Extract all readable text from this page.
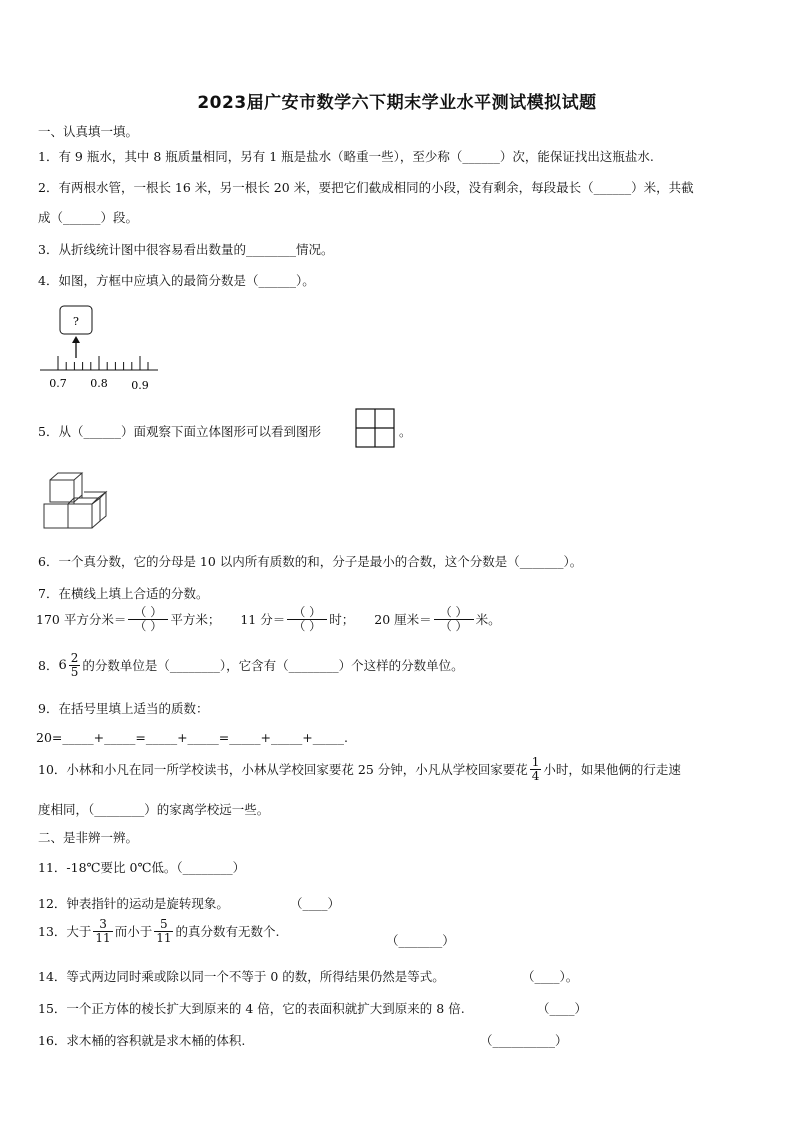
2023届广安市数学六下期末学业水平测试模拟试题
一、认真填一填。
1．有 9 瓶水，其中 8 瓶质量相同，另有 1 瓶是盐水（略重一些），至少称（______）次，能保证找出这瓶盐水.
2．有两根水管，一根长 16 米，另一根长 20 米，要把它们截成相同的小段，没有剩余，每段最长（______）米，共截
成（______）段。
3．从折线统计图中很容易看出数量的________情况。
4．如图，方框中应填入的最简分数是（______）。
?
0.7 0.8 0.9
5．从（______）面观察下面立体图形可以看到图形	。
6．一个真分数，它的分母是 10 以内所有质数的和，分子是最小的合数，这个分数是（_______）。
7．在横线上填上合适的分数。
170 平方分米＝ $\frac{( )}{( )}$ 平方米； 11 分＝ $\frac{( )}{( )}$ 时； 20 厘米＝ $\frac{( )}{( )}$ 米。
8． $6 \frac{2}{5}$ 的分数单位是（________），它含有（________）个这样的分数单位。
9．在括号里填上适当的质数：
20=_____+_____=_____+_____=_____+_____+_____.
10．小林和小凡在同一所学校读书，小林从学校回家要花 25 分钟，小凡从学校回家要花 $\frac{1}{4}$ 小时，如果他俩的行走速
度相同，（________）的家离学校远一些。
二、是非辨一辨。
11．-18℃要比 0℃低。（________）
12．钟表指针的运动是旋转现象。	（____）
13．大于 $\frac{3}{11}$ 而小于 $\frac{5}{11}$ 的真分数有无数个.
（_______）
14．等式两边同时乘或除以同一个不等于 0 的数，所得结果仍然是等式。	（____）。
15．一个正方体的棱长扩大到原来的 4 倍，它的表面积就扩大到原来的 8 倍.	（____）
16．求木桶的容积就是求木桶的体积.	（__________）
